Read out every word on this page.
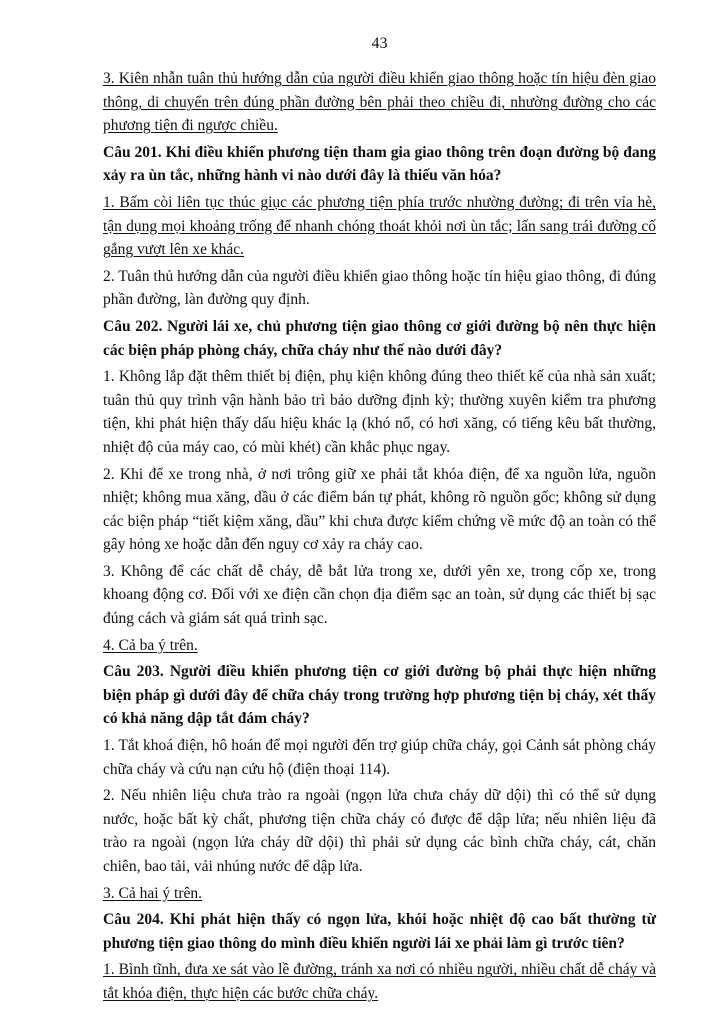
43

3. Kiên nhẫn tuân thủ hướng dẫn của người điều khiển giao thông hoặc tín hiệu đèn giao thông, di chuyển trên đúng phần đường bên phải theo chiều đi, nhường đường cho các phương tiện đi ngược chiều.

Câu 201. Khi điều khiển phương tiện tham gia giao thông trên đoạn đường bộ đang xảy ra ùn tắc, những hành vi nào dưới đây là thiếu văn hóa?

1. Bấm còi liên tục thúc giục các phương tiện phía trước nhường đường; đi trên vỉa hè, tận dụng mọi khoảng trống để nhanh chóng thoát khỏi nơi ùn tắc; lấn sang trái đường cố gắng vượt lên xe khác.

2. Tuân thủ hướng dẫn của người điều khiển giao thông hoặc tín hiệu giao thông, đi đúng phần đường, làn đường quy định.

Câu 202. Người lái xe, chủ phương tiện giao thông cơ giới đường bộ nên thực hiện các biện pháp phòng cháy, chữa cháy như thế nào dưới đây?

1. Không lắp đặt thêm thiết bị điện, phụ kiện không đúng theo thiết kế của nhà sản xuất; tuân thủ quy trình vận hành bảo trì bảo dưỡng định kỳ; thường xuyên kiểm tra phương tiện, khi phát hiện thấy dấu hiệu khác lạ (khó nổ, có hơi xăng, có tiếng kêu bất thường, nhiệt độ của máy cao, có mùi khét) cần khắc phục ngay.

2. Khi để xe trong nhà, ở nơi trông giữ xe phải tắt khóa điện, để xa nguồn lửa, nguồn nhiệt; không mua xăng, dầu ở các điểm bán tự phát, không rõ nguồn gốc; không sử dụng các biện pháp “tiết kiệm xăng, dầu” khi chưa được kiểm chứng về mức độ an toàn có thể gây hỏng xe hoặc dẫn đến nguy cơ xảy ra cháy cao.

3. Không để các chất dễ cháy, dễ bắt lửa trong xe, dưới yên xe, trong cốp xe, trong khoang động cơ. Đối với xe điện cần chọn địa điểm sạc an toàn, sử dụng các thiết bị sạc đúng cách và giám sát quá trình sạc.

4. Cả ba ý trên.

Câu 203. Người điều khiển phương tiện cơ giới đường bộ phải thực hiện những biện pháp gì dưới đây để chữa cháy trong trường hợp phương tiện bị cháy, xét thấy có khả năng dập tắt đám cháy?

1. Tắt khoá điện, hô hoán để mọi người đến trợ giúp chữa cháy, gọi Cảnh sát phòng cháy chữa cháy và cứu nạn cứu hộ (điện thoại 114).

2. Nếu nhiên liệu chưa trào ra ngoài (ngọn lửa chưa cháy dữ dội) thì có thể sử dụng nước, hoặc bất kỳ chất, phương tiện chữa cháy có được để dập lửa; nếu nhiên liệu đã trào ra ngoài (ngọn lửa cháy dữ dội) thì phải sử dụng các bình chữa cháy, cát, chăn chiên, bao tải, vải nhúng nước để dập lửa.

3. Cả hai ý trên.

Câu 204. Khi phát hiện thấy có ngọn lửa, khói hoặc nhiệt độ cao bất thường từ phương tiện giao thông do mình điều khiển người lái xe phải làm gì trước tiên?

1. Bình tĩnh, đưa xe sát vào lề đường, tránh xa nơi có nhiều người, nhiều chất dễ cháy và tắt khóa điện, thực hiện các bước chữa cháy.
